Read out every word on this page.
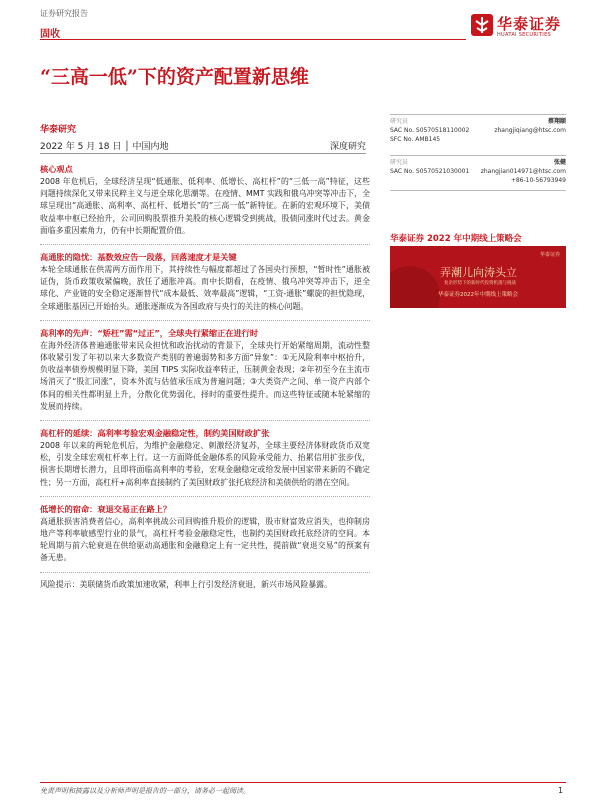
证券研究报告
华泰证券
HUATAI SECURITIES
固收
“三高一低”下的资产配置新思维
华泰研究
2022 年 5 月 18 日 │ 中国内地	深度研究
研究员	蔡翔颐
SAC No. S0570518110002	zhangjiqiang@htsc.com
SFC No. AMB145
研究员	张健
SAC No. S0570521030001 zhangjian014971@htsc.com
+86-10-56793949
华泰证券 2022 年中期线上策略会
华泰证券
弄潮儿向涛头立
复杂形势下的新时代投资机遇与挑战
华泰证券2022年中期线上策略会
核心观点
2008 年危机后，全球经济呈现“低通胀、低利率、低增长、高杠杆”的“三低一高”特征，这些问题持续深化又带来民粹主义与逆全球化思潮等。在疫情、MMT 实践和俄乌冲突等冲击下，全球呈现出“高通胀、高利率、高杠杆、低增长”的“三高一低”新特征。在新的宏观环境下，美债收益率中枢已经抬升，公司回购股票推升美股的核心逻辑受到挑战，股债同涨时代过去。黄金面临多重因素角力，仍有中长期配置价值。
高通胀的隐忧：基数效应告一段落，回落速度才是关键
本轮全球通胀在供需两方面作用下，其持续性与幅度都超过了各国央行预想，“暂时性”通胀被证伪，货币政策收紧偏晚，放任了通胀冲高。而中长期看，在疫情、俄乌冲突等冲击下，逆全球化、产业链的安全稳定逐渐替代“成本最低、效率最高”逻辑，“工资-通胀”螺旋的担忧隐现，全球通胀基因已开始抬头。通胀逐渐成为各国政府与央行的关注的核心问题。
高利率的先声：“矫枉”需“过正”，全球央行紧缩正在进行时
在海外经济体普遍通胀带来民众担忧和政治扰动的背景下，全球央行开始紧缩周期，流动性整体收紧引发了年初以来大多数资产类别的普遍弱势和多方面“异象”：①无风险利率中枢抬升，负收益率债券规模明显下降，美国 TIPS 实际收益率转正，压制黄金表现；②年初至今在主流市场消灭了“股汇同涨”，资本外流与估值承压成为普遍问题；③大类资产之间、单一资产内部个体间的相关性都明显上升，分散化优势弱化，择时的重要性提升。而这些特征或随本轮紧缩的发展而持续。
高杠杆的延续：高利率考验宏观金融稳定性，制约美国财政扩张
2008 年以来的两轮危机后，为维护金融稳定、刺激经济复苏，全球主要经济体财政货币双宽松，引发全球宏观杠杆率上行。这一方面降低金融体系的风险承受能力、抬累信用扩张步伐，损害长期增长潜力，且即将面临高利率的考验，宏观金融稳定或给发展中国家带来新的不确定性；另一方面，高杠杆+高利率直接制约了美国财政扩张托底经济和美债供给的潜在空间。
低增长的宿命：衰退交易正在路上？
高通胀损害消费者信心，高利率挑战公司回购推升股价的逻辑，股市财富效应消失，也抑制房地产等利率敏感型行业的景气，高杠杆考验金融稳定性，也制约美国财政托底经济的空间。本轮周期与前六轮衰退在供给驱动高通胀和金融稳定上有一定共性，提前做“衰退交易”的预案有备无患。
风险提示：美联储货币政策加速收紧，利率上行引发经济衰退，新兴市场风险暴露。
免责声明和披露以及分析师声明是报告的一部分，请务必一起阅读。	1
